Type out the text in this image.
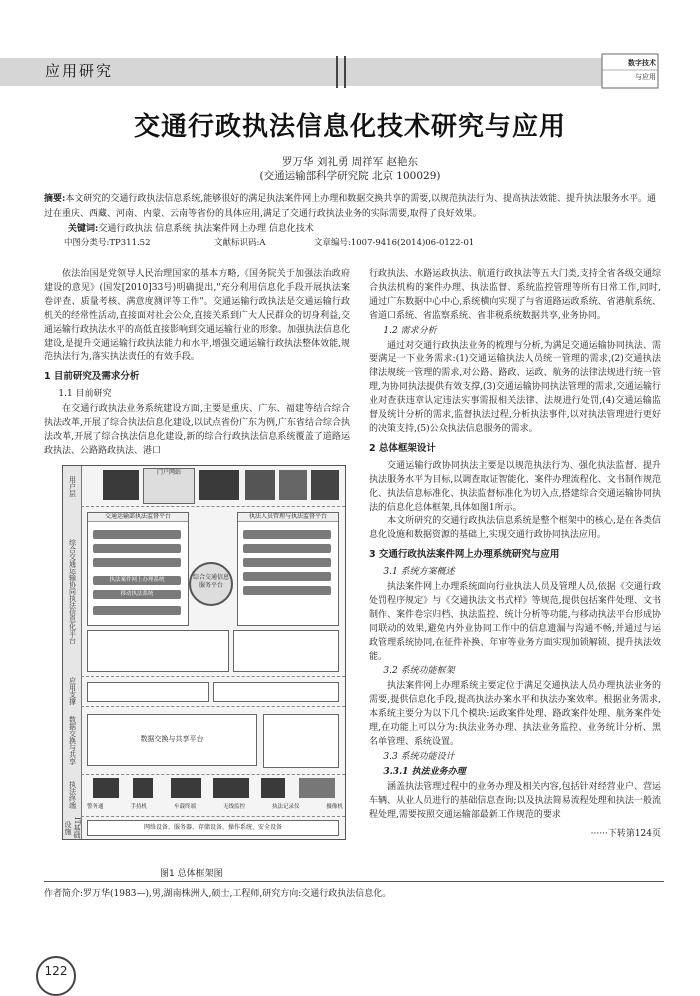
应用研究	数字技术
与应用
交通行政执法信息化技术研究与应用
罗万华 刘礼勇 周祥军 赵艳东
(交通运输部科学研究院 北京 100029)
摘要:本文研究的交通行政执法信息系统,能够很好的满足执法案件网上办理和数据交换共享的需要,以规范执法行为、提高执法效能、提升执法服务水平。通过在重庆、西藏、河南、内蒙、云南等省份的具体应用,满足了交通行政执法业务的实际需要,取得了良好效果。
关键词:交通行政执法 信息系统 执法案件网上办理 信息化技术
中图分类号:TP311.52	文献标识码:A	文章编号:1007-9416(2014)06-0122-01

依法治国是党领导人民治理国家的基本方略,《国务院关于加强法治政府建设的意见》(国发[2010]33号)明确提出,"充分利用信息化手段开展执法案卷评查、质量考核、满意度测评等工作"。交通运输行政执法是交通运输行政机关的经常性活动,直接面对社会公众,直接关系到广大人民群众的切身利益,交通运输行政执法水平的高低直接影响到交通运输行业的形象。加强执法信息化建设,是提升交通运输行政执法能力和水平,增强交通运输行政执法整体效能,规范执法行为,落实执法责任的有效手段。

1 目前研究及需求分析
1.1 目前研究

在交通行政执法业务系统建设方面,主要是重庆、广东、福建等结合综合执法改革,开展了综合执法信息化建设,以试点省份广东为例,广东省结合综合执法改革,开展了综合执法信息化建设,新的综合行政执法信息系统覆盖了道路运政执法、公路路政执法、港口

用户层
综合交通运输协同执法信息化平台
应用支撑
数据交换与共享
执法终端
IT基础设施
门户网站
交通运输部执法监督平台

执法案件网上办理系统
移动执法系统

综合交通信息服务平台
执法人员管理与执法监督平台

数据交换与共享平台
警务通	手持机	车载终端	无线监控	执法记录仪	摄像机
网络设备、服务器、存储设备、操作系统、安全设备
图1 总体框架图

行政执法、水路运政执法、航道行政执法等五大门类,支持全省各级交通综合执法机构的案件办理、执法监督、系统监控管理等所有日常工作,同时,通过广东数据中心中心,系统横向实现了与省道路运政系统、省港航系统、省道口系统、省监察系统、省非税系统数据共享,业务协同。

1.2 需求分析

通过对交通行政执法业务的梳理与分析,为满足交通运输协同执法、需要满足一下业务需求:(1)交通运输执法人员统一管理的需求,(2)交通执法律法规统一管理的需求,对公路、路政、运政、航务的法律法规进行统一管理,为协同执法提供有效支撑,(3)交通运输协同执法管理的需求,交通运输行业对查获违章认定违法实事需报相关法律、法规进行处罚,(4)交通运输监督及统计分析的需求,监督执法过程,分析执法事件,以对执法管理进行更好的决策支持,(5)公众执法信息服务的需求。

2 总体框架设计

交通运输行政协同执法主要是以规范执法行为、强化执法监督、提升执法服务水平为目标,以调查取证智能化、案件办理流程化、文书制作规范化、执法信息标准化、执法监督标准化为切入点,搭建综合交通运输协同执法的信息化总体框架,具体如图1所示。

本文所研究的交通行政执法信息系统是整个框架中的核心,是在各类信息化设施和数据资源的基础上,实现交通行政协同执法应用。

3 交通行政执法案件网上办理系统研究与应用
3.1 系统方案概述

执法案件网上办理系统面向行业执法人员及管理人员,依据《交通行政处罚程序规定》与《交通执法文书式样》等规范,提供包括案件处理、文书制作、案件卷宗归档、执法监控、统计分析等功能,与移动执法平台形成协同联动的效果,避免内外业协同工作中的信息遗漏与沟通不畅,并通过与运政管理系统协同,在征件补换、年审等业务方面实现加锁解锁、提升执法效能。

3.2 系统功能框架

执法案件网上办理系统主要定位于满足交通执法人员办理执法业务的需要,提供信息化手段,提高执法办案水平和执法办案效率。根据业务需求,本系统主要分为以下几个模块:运政案件处理、路政案件处理、航务案件处理,在功能上可以分为:执法业务办理、执法业务监控、业务统计分析、黑名单管理、系统设置。

3.3 系统功能设计
3.3.1 执法业务办理

涵盖执法管理过程中的业务办理及相关内容,包括针对经营业户、营运车辆、从业人员进行的基础信息查询;以及执法简易流程处理和执法一般流程处理,需要按照交通运输部最新工作规范的要求

······下转第124页
作者简介:罗万华(1983—),男,湖南株洲人,硕士,工程师,研究方向:交通行政执法信息化。
122
